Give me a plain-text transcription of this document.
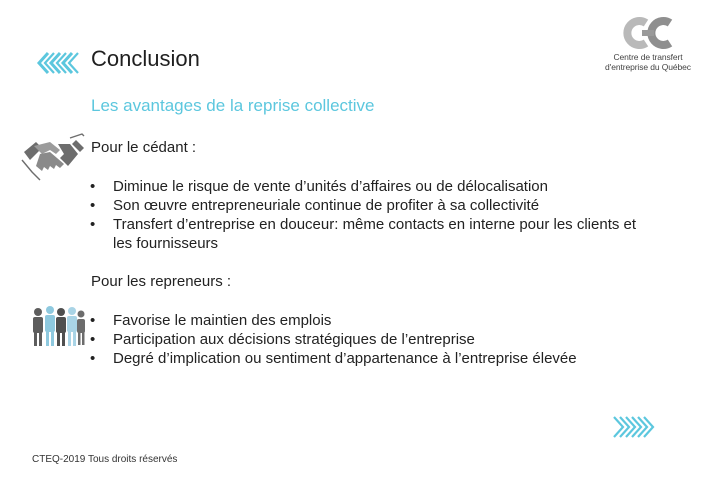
Conclusion	Centre de transfert
d'entreprise du Québec
Les avantages de la reprise collective
Pour le cédant :
• Diminue le risque de vente d’unités d’affaires ou de délocalisation
• Son œuvre entrepreneuriale continue de profiter à sa collectivité
• Transfert d’entreprise en douceur: même contacts en interne pour les clients et les fournisseurs
Pour les repreneurs :
• Favorise le maintien des emplois
• Participation aux décisions stratégiques de l’entreprise
• Degré d’implication ou sentiment d’appartenance à l’entreprise élevée
CTEQ-2019 Tous droits réservés
